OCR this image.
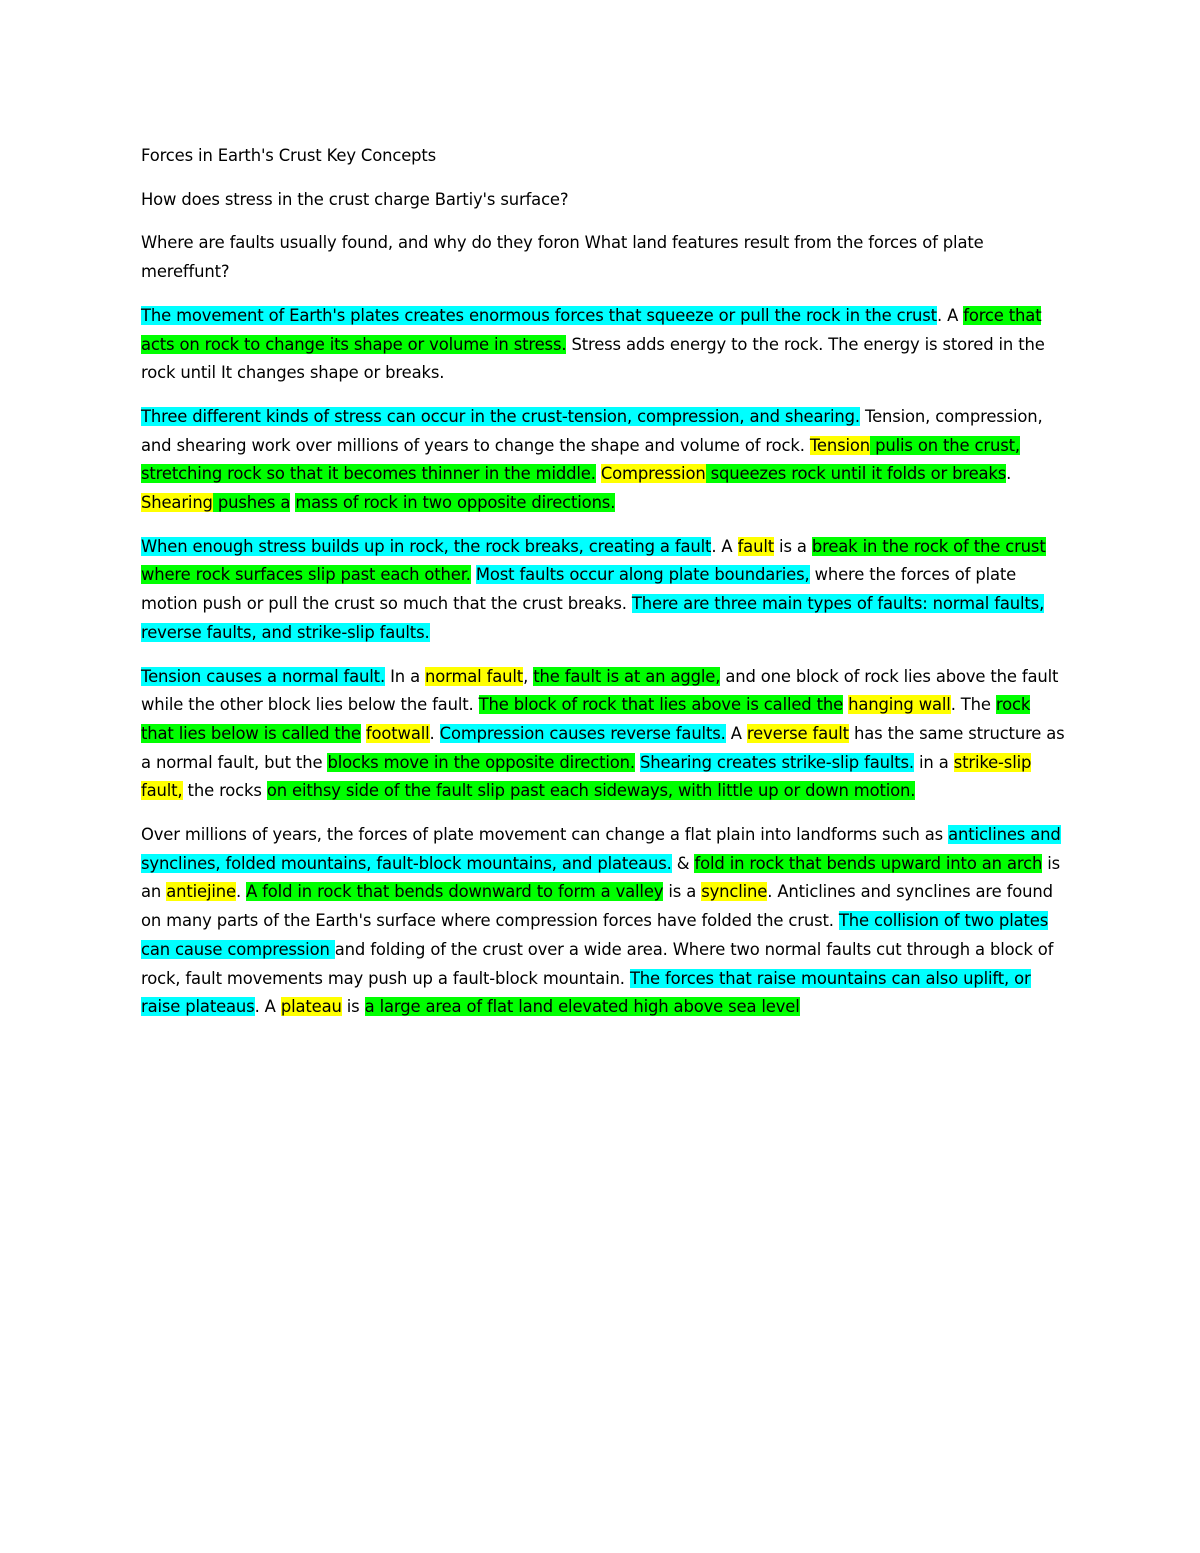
Forces in Earth's Crust Key Concepts

How does stress in the crust charge Bartiy's surface?

Where are faults usually found, and why do they foron What land features result from the forces of plate mereffunt?

The movement of Earth's plates creates enormous forces that squeeze or pull the rock in the crust. A force that acts on rock to change its shape or volume in stress. Stress adds energy to the rock. The energy is stored in the rock until It changes shape or breaks.

Three different kinds of stress can occur in the crust-tension, compression, and shearing. Tension, compression, and shearing work over millions of years to change the shape and volume of rock. Tension pulis on the crust, stretching rock so that it becomes thinner in the middle. Compression squeezes rock until it folds or breaks. Shearing pushes a mass of rock in two opposite directions.

When enough stress builds up in rock, the rock breaks, creating a fault. A fault is a break in the rock of the crust where rock surfaces slip past each other. Most faults occur along plate boundaries, where the forces of plate motion push or pull the crust so much that the crust breaks. There are three main types of faults: normal faults, reverse faults, and strike-slip faults.

Tension causes a normal fault. In a normal fault, the fault is at an aggle, and one block of rock lies above the fault while the other block lies below the fault. The block of rock that lies above is called the hanging wall. The rock that lies below is called the footwall. Compression causes reverse faults. A reverse fault has the same structure as a normal fault, but the blocks move in the opposite direction. Shearing creates strike-slip faults. in a strike-slip fault, the rocks on eithsy side of the fault slip past each sideways, with little up or down motion.

Over millions of years, the forces of plate movement can change a flat plain into landforms such as anticlines and synclines, folded mountains, fault-block mountains, and plateaus. & fold in rock that bends upward into an arch is an antiejine. A fold in rock that bends downward to form a valley is a syncline. Anticlines and synclines are found on many parts of the Earth's surface where compression forces have folded the crust. The collision of two plates can cause compression and folding of the crust over a wide area. Where two normal faults cut through a block of rock, fault movements may push up a fault-block mountain. The forces that raise mountains can also uplift, or raise plateaus. A plateau is a large area of flat land elevated high above sea level
